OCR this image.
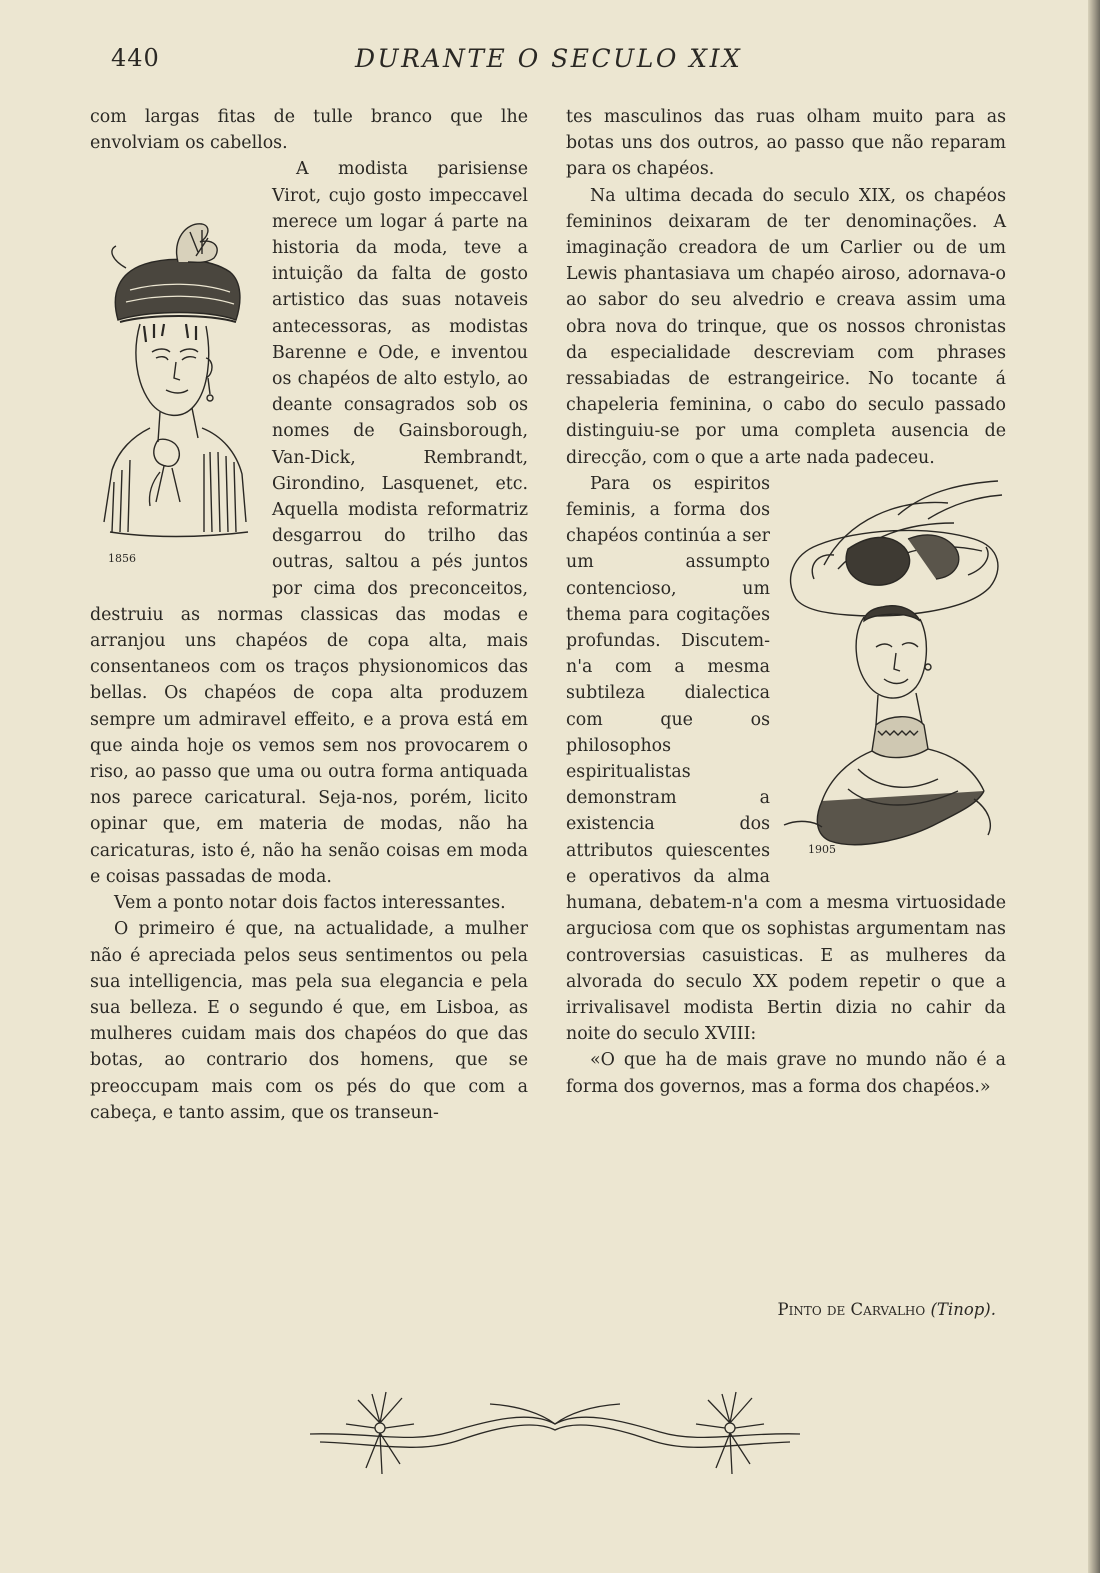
440	DURANTE O SECULO XIX

com largas fitas de tulle branco que lhe envolviam os cabellos.

1856

A modista parisiense Virot, cujo gosto impeccavel merece um logar á parte na historia da moda, teve a intuição da falta de gosto artistico das suas notaveis antecessoras, as modistas Barenne e Ode, e inventou os chapéos de alto estylo, ao deante consagrados sob os nomes de Gainsborough, Van-Dick, Rembrandt, Girondino, Lasquenet, etc. Aquella modista reformatriz desgarrou do trilho das outras, saltou a pés juntos por cima dos preconceitos, destruiu as normas classicas das modas e arranjou uns chapéos de copa alta, mais consentaneos com os traços physionomicos das bellas. Os chapéos de copa alta produzem sempre um admiravel effeito, e a prova está em que ainda hoje os vemos sem nos provocarem o riso, ao passo que uma ou outra forma antiquada nos parece caricatural. Seja-nos, porém, licito opinar que, em materia de modas, não ha caricaturas, isto é, não ha senão coisas em moda e coisas passadas de moda.

Vem a ponto notar dois factos interessantes.

O primeiro é que, na actualidade, a mulher não é apreciada pelos seus sentimentos ou pela sua intelligencia, mas pela sua elegancia e pela sua belleza. E o segundo é que, em Lisboa, as mulheres cuidam mais dos chapéos do que das botas, ao contrario dos homens, que se preoccupam mais com os pés do que com a cabeça, e tanto assim, que os transeun-

tes masculinos das ruas olham muito para as botas uns dos outros, ao passo que não reparam para os chapéos.

Na ultima decada do seculo XIX, os chapéos femininos deixaram de ter denominações. A imaginação creadora de um Carlier ou de um Lewis phantasiava um chapéo airoso, adornava-o ao sabor do seu alvedrio e creava assim uma obra nova do trinque, que os nossos chronistas da especialidade descreviam com phrases ressabiadas de estrangeirice. No tocante á chapeleria feminina, o cabo do seculo passado distinguiu-se por uma completa ausencia de direcção, com o que a arte nada padeceu.

1905

Para os espiritos feminis, a forma dos chapéos continúa a ser um assumpto contencioso, um thema para cogitações profundas. Discutem-n'a com a mesma subtileza dialectica com que os philosophos espiritualistas demonstram a existencia dos attributos quiescentes e operativos da alma humana, debatem-n'a com a mesma virtuosidade arguciosa com que os sophistas argumentam nas controversias casuisticas. E as mulheres da alvorada do seculo XX podem repetir o que a irrivalisavel modista Bertin dizia no cahir da noite do seculo XVIII:

«O que ha de mais grave no mundo não é a forma dos governos, mas a forma dos chapéos.»

Pinto de Carvalho (Tinop).
